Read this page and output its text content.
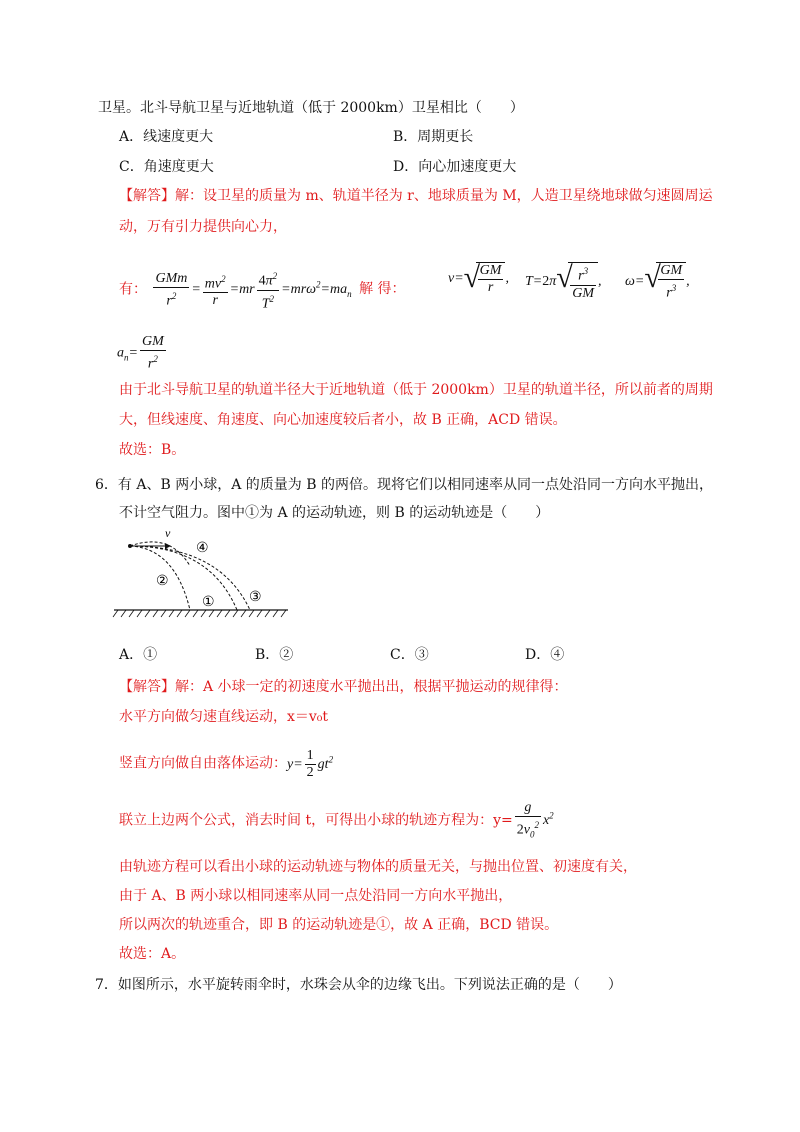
卫星。北斗导航卫星与近地轨道（低于 2000km）卫星相比（　　）
A．线速度更大	B．周期更长
C．角速度更大	D．向心加速度更大
【解答】解：设卫星的质量为 m、轨道半径为 r、地球质量为 M，人造卫星绕地球做匀速圆周运
动，万有引力提供向心力，
有： $\frac{\text{GMm}}{r^2} = \frac{mv^2}{r} =mr \frac{4\pi^2}{T^2} =mr\omega^2=ma_n$ 解 得：
v= √
$\frac{GM}{r}$ , T=2π √
$\frac{r^3}{GM}$ , ω= √
$\frac{GM}{r^3}$ ,
$a_n= \frac{GM}{r^2}$
由于北斗导航卫星的轨道半径大于近地轨道（低于 2000km）卫星的轨道半径，所以前者的周期
大，但线速度、角速度、向心加速度较后者小，故 B 正确，ACD 错误。
故选：B。
6．有 A、B 两小球，A 的质量为 B 的两倍。现将它们以相同速率从同一点处沿同一方向水平抛出，
不计空气阻力。图中①为 A 的运动轨迹，则 B 的运动轨迹是（　　）
v
④
②
① ③
A．①	B．②	C．③	D．④
【解答】解：A 小球一定的初速度水平抛出出，根据平抛运动的规律得：
水平方向做匀速直线运动，x＝v₀t
竖直方向做自由落体运动：$y= \frac{1}{2} gt^2$
联立上边两个公式，消去时间 t，可得出小球的轨迹方程为：$y= \frac{g}{2v_0^2} x^2$
由轨迹方程可以看出小球的运动轨迹与物体的质量无关，与抛出位置、初速度有关，
由于 A、B 两小球以相同速率从同一点处沿同一方向水平抛出，
所以两次的轨迹重合，即 B 的运动轨迹是①，故 A 正确，BCD 错误。
故选：A。
7．如图所示，水平旋转雨伞时，水珠会从伞的边缘飞出。下列说法正确的是（　　）
